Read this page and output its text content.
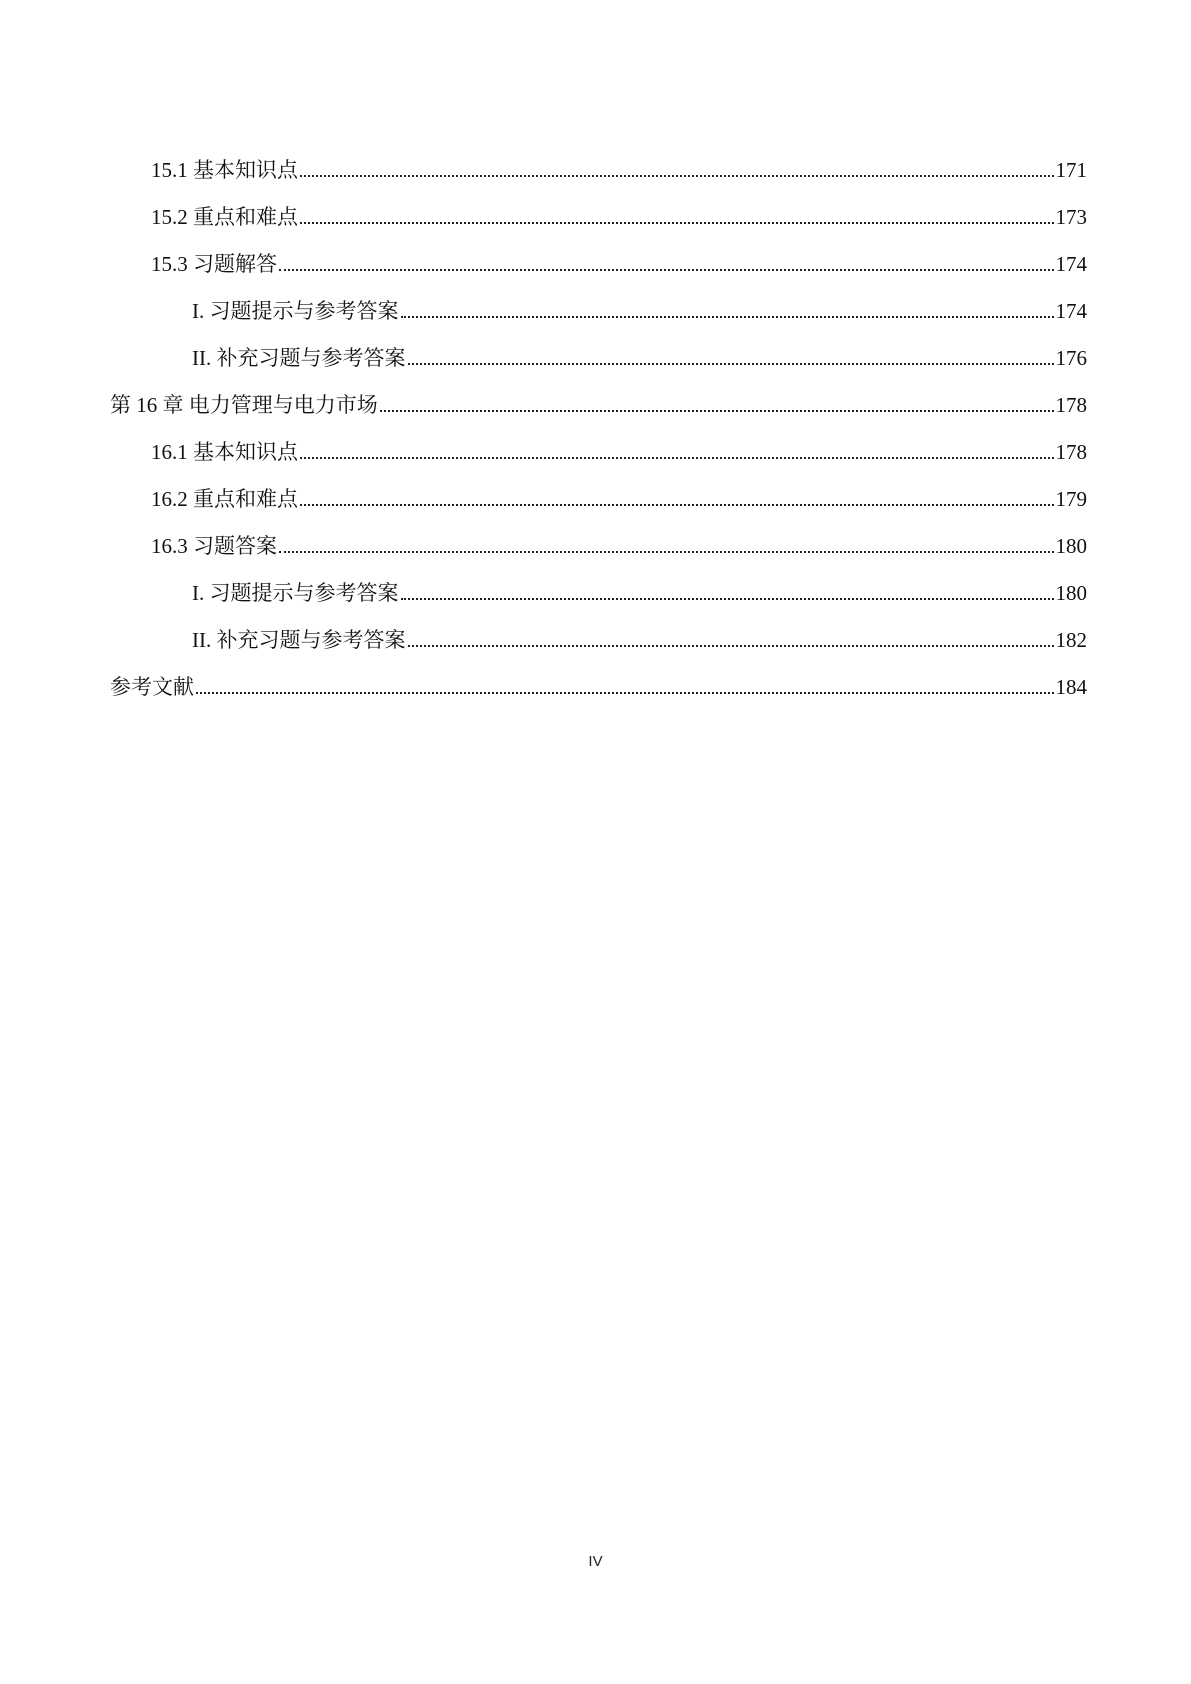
15.1 基本知识点	171
15.2 重点和难点	173
15.3 习题解答	174
I. 习题提示与参考答案	174
II. 补充习题与参考答案	176
第 16 章 电力管理与电力市场	178
16.1 基本知识点	178
16.2 重点和难点	179
16.3 习题答案	180
I. 习题提示与参考答案	180
II. 补充习题与参考答案	182
参考文献	184
IV
